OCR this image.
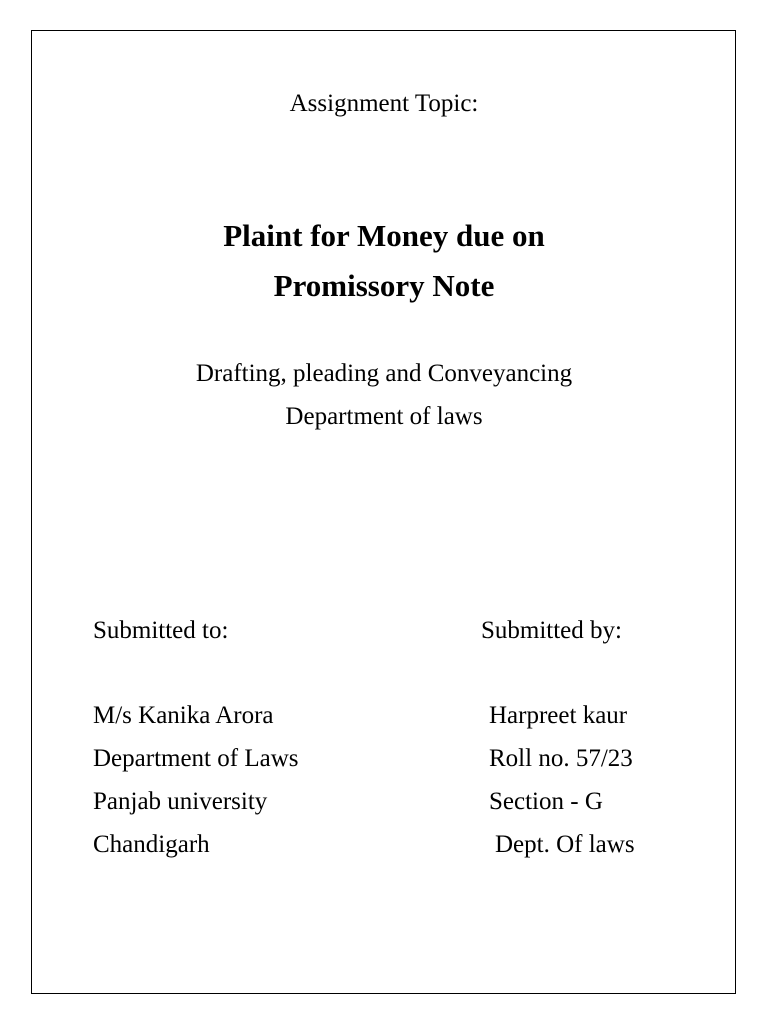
Assignment Topic:
Plaint for Money due on
Promissory Note
Drafting, pleading and Conveyancing
Department of laws
Submitted to:	Submitted by:
M/s Kanika Arora
Department of Laws
Panjab university
Chandigarh
Harpreet kaur
Roll no. 57/23
Section - G
Dept. Of laws
